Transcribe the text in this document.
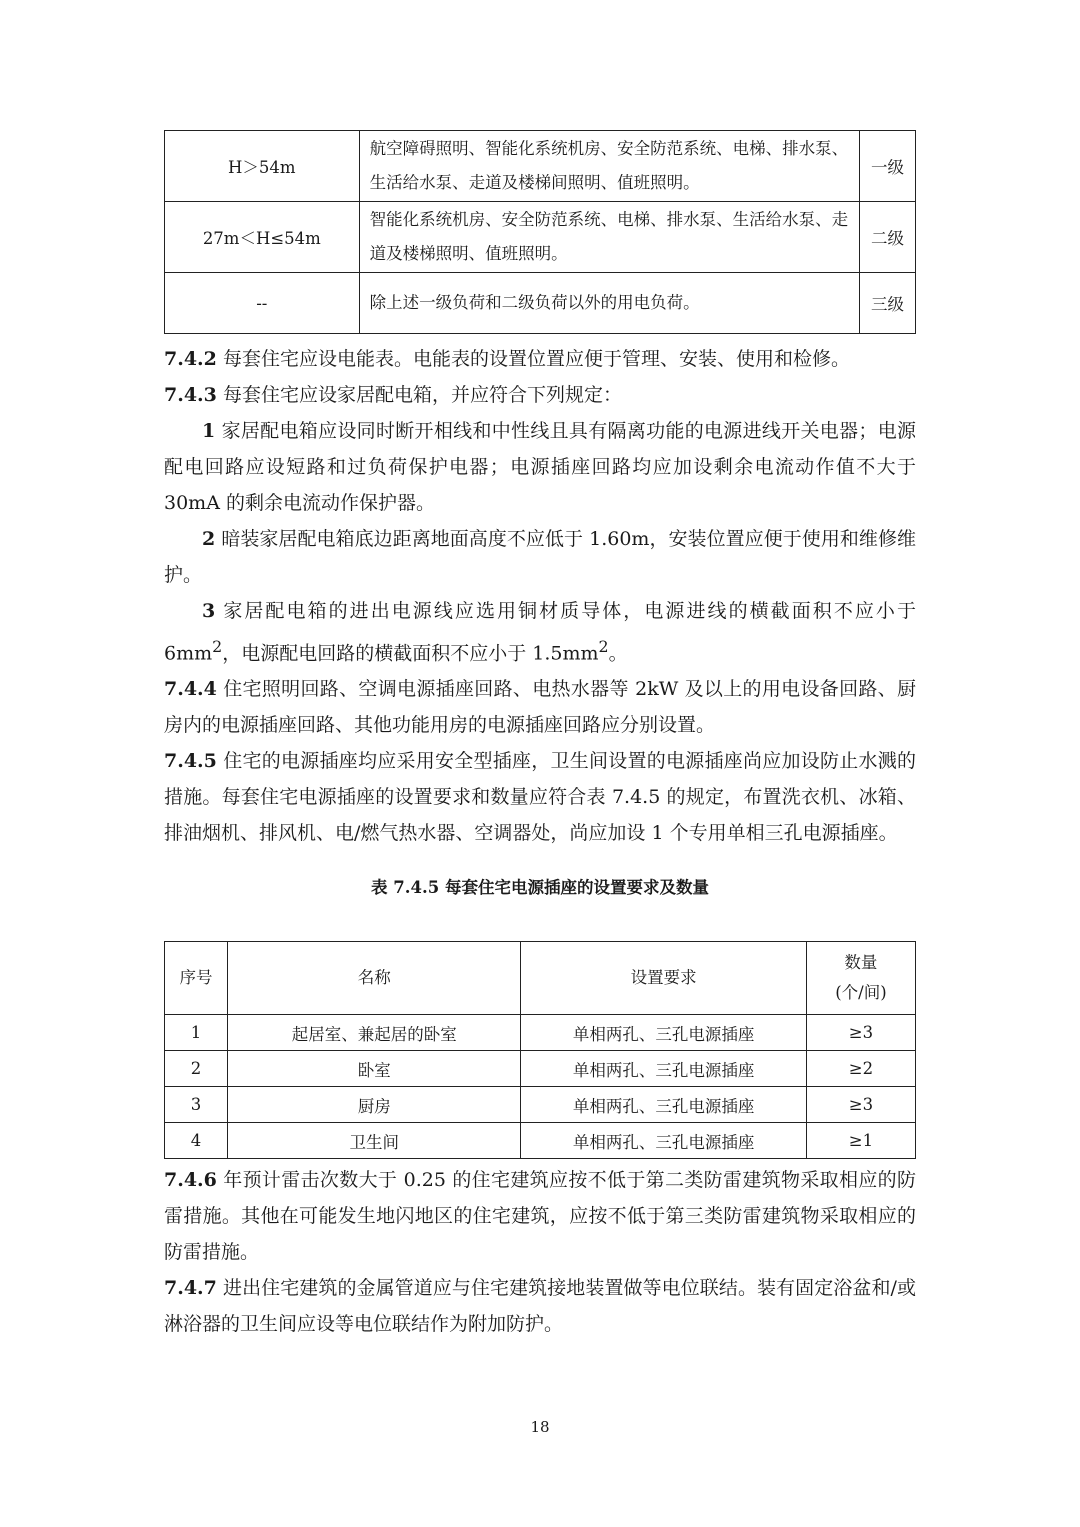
H＞54m	航空障碍照明、智能化系统机房、安全防范系统、电梯、排水泵、生活给水泵、走道及楼梯间照明、值班照明。	一级
27m＜H≤54m	智能化系统机房、安全防范系统、电梯、排水泵、生活给水泵、走道及楼梯照明、值班照明。	二级
--	除上述一级负荷和二级负荷以外的用电负荷。	三级

7.4.2 每套住宅应设电能表。电能表的设置位置应便于管理、安装、使用和检修。

7.4.3 每套住宅应设家居配电箱，并应符合下列规定：

1 家居配电箱应设同时断开相线和中性线且具有隔离功能的电源进线开关电器；电源配电回路应设短路和过负荷保护电器；电源插座回路均应加设剩余电流动作值不大于 30mA 的剩余电流动作保护器。

2 暗装家居配电箱底边距离地面高度不应低于 1.60m，安装位置应便于使用和维修维护。

3 家居配电箱的进出电源线应选用铜材质导体，电源进线的横截面积不应小于 $6mm^2$，电源配电回路的横截面积不应小于 $1.5mm^2$。

7.4.4 住宅照明回路、空调电源插座回路、电热水器等 2kW 及以上的用电设备回路、厨房内的电源插座回路、其他功能用房的电源插座回路应分别设置。

7.4.5 住宅的电源插座均应采用安全型插座，卫生间设置的电源插座尚应加设防止水溅的措施。每套住宅电源插座的设置要求和数量应符合表 7.4.5 的规定，布置洗衣机、冰箱、排油烟机、排风机、电/燃气热水器、空调器处，尚应加设 1 个专用单相三孔电源插座。

表 7.4.5 每套住宅电源插座的设置要求及数量
序号	名称	设置要求	数量
(个/间)
1	起居室、兼起居的卧室	单相两孔、三孔电源插座	≥3
2	卧室	单相两孔、三孔电源插座	≥2
3	厨房	单相两孔、三孔电源插座	≥3
4	卫生间	单相两孔、三孔电源插座	≥1

7.4.6 年预计雷击次数大于 0.25 的住宅建筑应按不低于第二类防雷建筑物采取相应的防雷措施。其他在可能发生地闪地区的住宅建筑，应按不低于第三类防雷建筑物采取相应的防雷措施。

7.4.7 进出住宅建筑的金属管道应与住宅建筑接地装置做等电位联结。装有固定浴盆和/或淋浴器的卫生间应设等电位联结作为附加防护。

18
